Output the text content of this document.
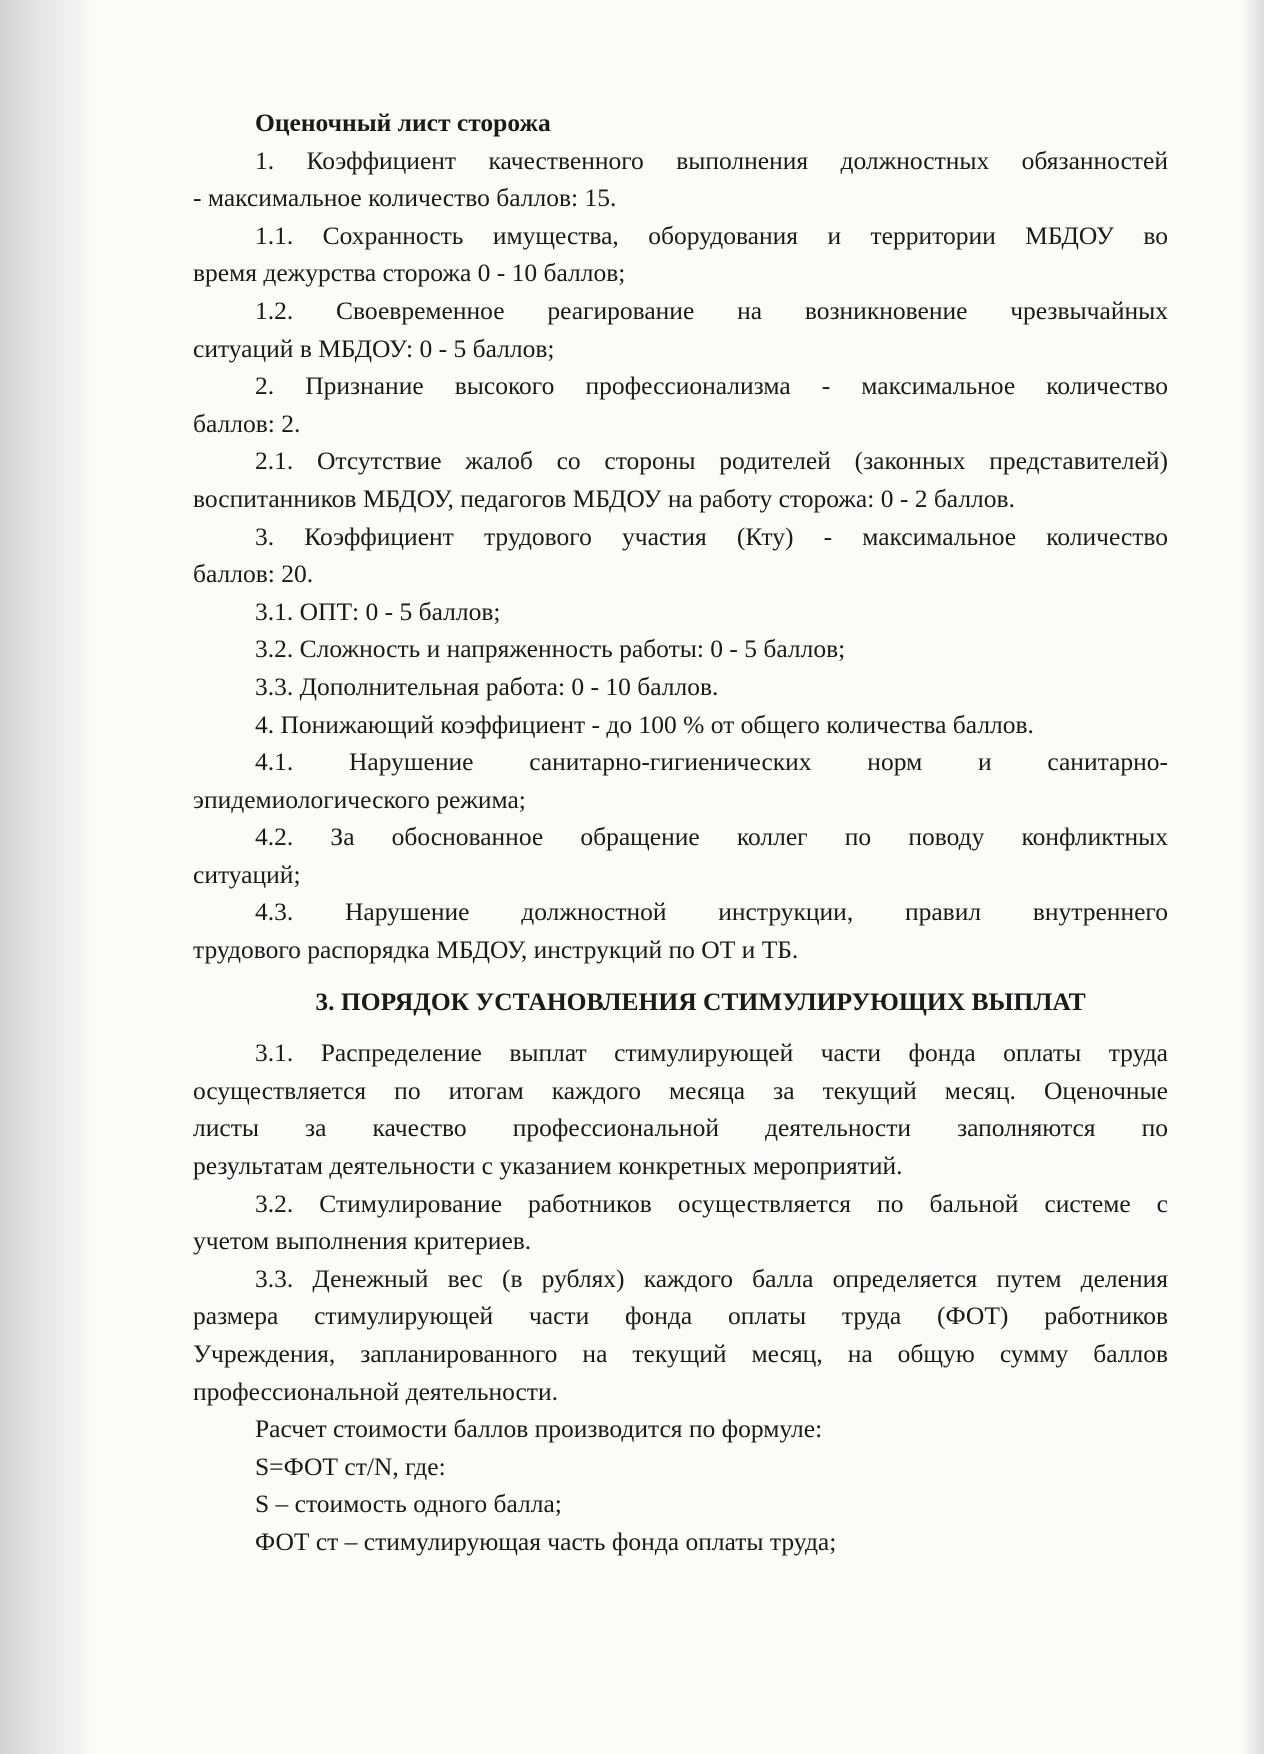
Оценочный лист сторожа

1. Коэффициент качественного выполнения должностных обязанностей

- максимальное количество баллов: 15.

1.1. Сохранность имущества, оборудования и территории МБДОУ во

время дежурства сторожа 0 - 10 баллов;

1.2. Своевременное реагирование на возникновение чрезвычайных

ситуаций в МБДОУ: 0 - 5 баллов;

2. Признание высокого профессионализма - максимальное количество

баллов: 2.

2.1. Отсутствие жалоб со стороны родителей (законных представителей)

воспитанников МБДОУ, педагогов МБДОУ на работу сторожа: 0 - 2 баллов.

3. Коэффициент трудового участия (Кту) - максимальное количество

баллов: 20.

3.1. ОПТ: 0 - 5 баллов;

3.2. Сложность и напряженность работы: 0 - 5 баллов;

3.3. Дополнительная работа: 0 - 10 баллов.

4. Понижающий коэффициент - до 100 % от общего количества баллов.

4.1. Нарушение санитарно-гигиенических норм и санитарно-

эпидемиологического режима;

4.2. За обоснованное обращение коллег по поводу конфликтных

ситуаций;

4.3. Нарушение должностной инструкции, правил внутреннего

трудового распорядка МБДОУ, инструкций по ОТ и ТБ.

3. ПОРЯДОК УСТАНОВЛЕНИЯ СТИМУЛИРУЮЩИХ ВЫПЛАТ

3.1. Распределение выплат стимулирующей части фонда оплаты труда

осуществляется по итогам каждого месяца за текущий месяц. Оценочные

листы за качество профессиональной деятельности заполняются по

результатам деятельности с указанием конкретных мероприятий.

3.2. Стимулирование работников осуществляется по бальной системе с

учетом выполнения критериев.

3.3. Денежный вес (в рублях) каждого балла определяется путем деления

размера стимулирующей части фонда оплаты труда (ФОТ) работников

Учреждения, запланированного на текущий месяц, на общую сумму баллов

профессиональной деятельности.

Расчет стоимости баллов производится по формуле:

S=ФОТ ст/N, где:

S – стоимость одного балла;

ФОТ ст – стимулирующая часть фонда оплаты труда;
